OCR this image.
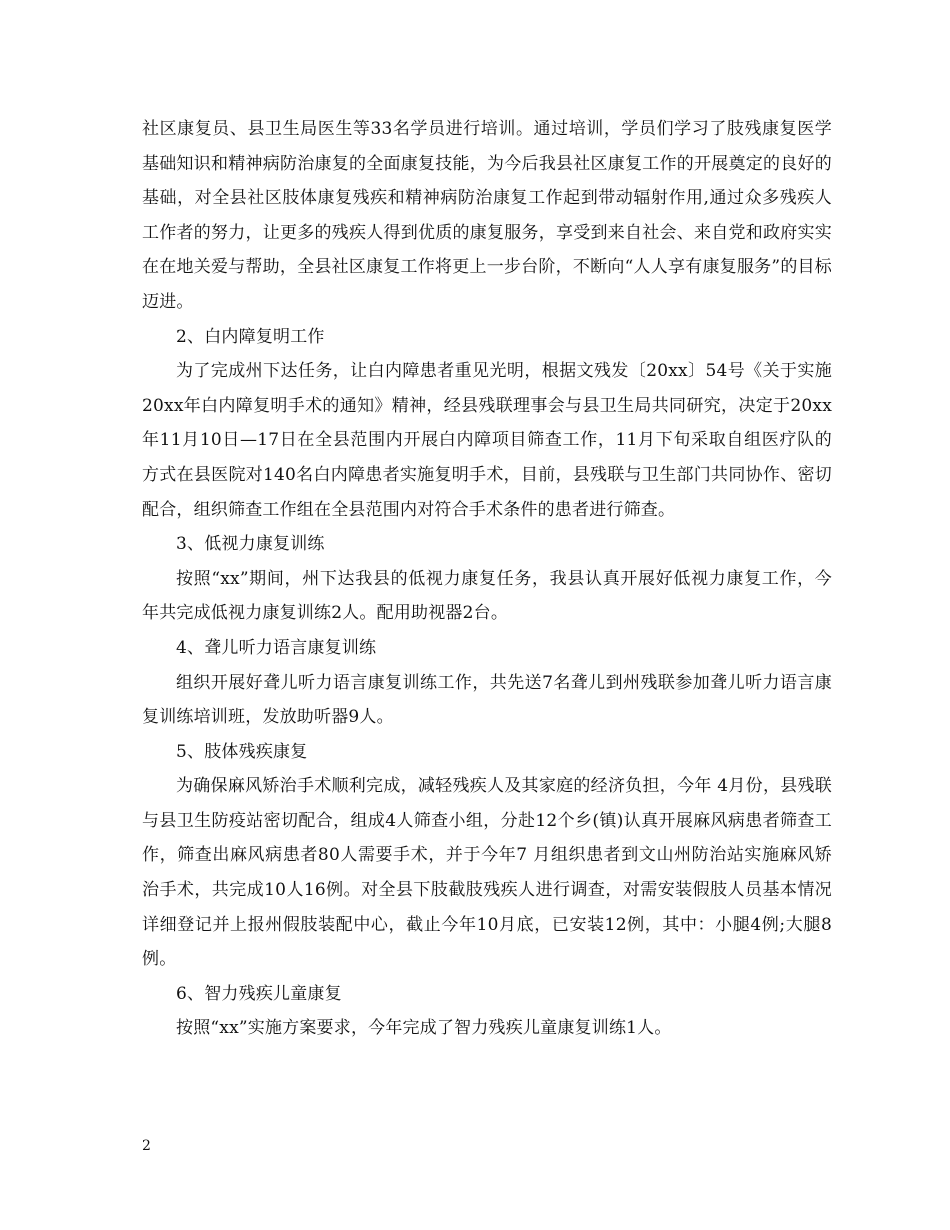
社区康复员、县卫生局医生等33名学员进行培训。通过培训，学员们学习了肢残康复医学基础知识和精神病防治康复的全面康复技能，为今后我县社区康复工作的开展奠定的良好的基础，对全县社区肢体康复残疾和精神病防治康复工作起到带动辐射作用,通过众多残疾人工作者的努力，让更多的残疾人得到优质的康复服务，享受到来自社会、来自党和政府实实在在地关爱与帮助，全县社区康复工作将更上一步台阶，不断向“人人享有康复服务”的目标迈进。

2、白内障复明工作

为了完成州下达任务，让白内障患者重见光明，根据文残发〔20xx〕54号《关于实施20xx年白内障复明手术的通知》精神，经县残联理事会与县卫生局共同研究，决定于20xx 年11月10日—17日在全县范围内开展白内障项目筛查工作，11月下旬采取自组医疗队的方式在县医院对140名白内障患者实施复明手术，目前，县残联与卫生部门共同协作、密切配合，组织筛查工作组在全县范围内对符合手术条件的患者进行筛查。

3、低视力康复训练

按照“xx”期间，州下达我县的低视力康复任务，我县认真开展好低视力康复工作，今年共完成低视力康复训练2人。配用助视器2台。

4、聋儿听力语言康复训练

组织开展好聋儿听力语言康复训练工作，共先送7名聋儿到州残联参加聋儿听力语言康复训练培训班，发放助听器9人。

5、肢体残疾康复

为确保麻风矫治手术顺利完成，减轻残疾人及其家庭的经济负担，今年 4月份，县残联与县卫生防疫站密切配合，组成4人筛查小组，分赴12个乡(镇)认真开展麻风病患者筛查工作，筛查出麻风病患者80人需要手术，并于今年7 月组织患者到文山州防治站实施麻风矫治手术，共完成10人16例。对全县下肢截肢残疾人进行调查，对需安装假肢人员基本情况详细登记并上报州假肢装配中心，截止今年10月底，已安装12例，其中：小腿4例;大腿8例。

6、智力残疾儿童康复

按照“xx”实施方案要求，今年完成了智力残疾儿童康复训练1人。

2
